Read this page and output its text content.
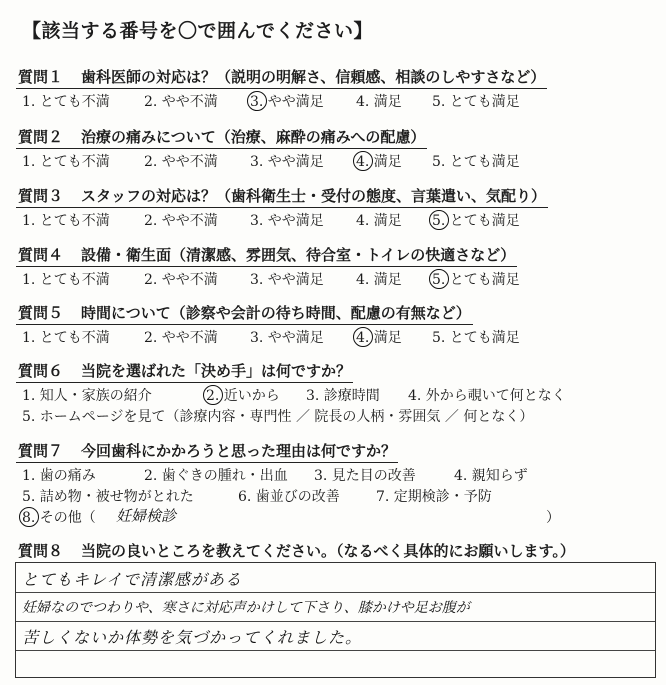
【該当する番号を〇で囲んでください】
質問１ 歯科医師の対応は？（説明の明解さ、信頼感、相談のしやすさなど）
1. とても不満 2. やや不満 3. やや満足 4. 満足 5. とても満足
質問２ 治療の痛みについて（治療、麻酔の痛みへの配慮）
1. とても不満 2. やや不満 3. やや満足 4. 満足 5. とても満足
質問３ スタッフの対応は？（歯科衛生士・受付の態度、言葉遣い、気配り）
1. とても不満 2. やや不満 3. やや満足 4. 満足 5. とても満足
質問４ 設備・衛生面（清潔感、雰囲気、待合室・トイレの快適さなど）
1. とても不満 2. やや不満 3. やや満足 4. 満足 5. とても満足
質問５ 時間について（診察や会計の待ち時間、配慮の有無など）
1. とても不満 2. やや不満 3. やや満足 4. 満足 5. とても満足
質問６ 当院を選ばれた「決め手」は何ですか？
1. 知人・家族の紹介	2. 近いから 3. 診療時間 4. 外から覗いて何となく
5. ホームページを見て（診療内容・専門性 ／ 院長の人柄・雰囲気 ／ 何となく）
質問７ 今回歯科にかかろうと思った理由は何ですか？
1. 歯の痛み	2. 歯ぐきの腫れ・出血 3. 見た目の改善	4. 親知らず
5. 詰め物・被せ物がとれた	6. 歯並びの改善	7. 定期検診・予防
8. その他（ 妊婦検診	）
質問８ 当院の良いところを教えてください。（なるべく具体的にお願いします。）
とてもキレイで清潔感がある
妊婦なのでつわりや、寒さに対応声かけして下さり、膝かけや足お腹が
苦しくないか体勢を気づかってくれました。
